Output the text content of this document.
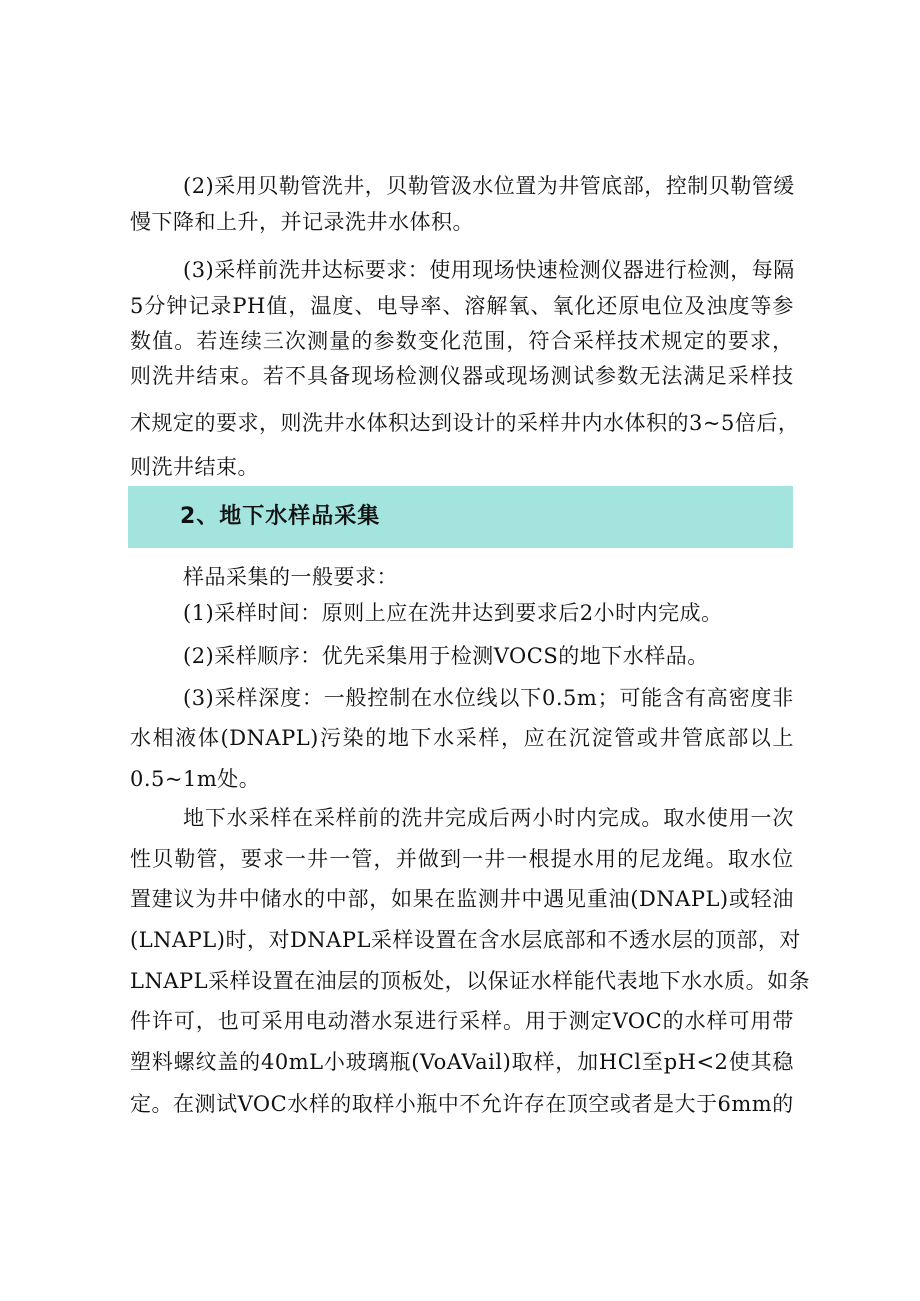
(2) 采 用 贝 勒 管 洗 井 ， 贝 勒 管 汲 水 位 置 为 井 管 底 部 ， 控 制 贝 勒 管 缓
慢下降和上升，并记录洗井水体积。
(3) 采 样 前 洗 井 达 标 要 求 ： 使 用 现 场 快 速 检 测 仪 器 进 行 检 测 ， 每 隔
5 分 钟 记 录 PH 值 ， 温 度 、 电 导 率 、 溶 解 氧 、 氧 化 还 原 电 位 及 浊 度 等 参
数 值 。 若 连 续 三 次 测 量 的 参 数 变 化 范 围 ， 符 合 采 样 技 术 规 定 的 要 求 ，
则 洗 井 结 束 。 若 不 具 备 现 场 检 测 仪 器 或 现 场 测 试 参 数 无 法 满 足 采 样 技
术 规 定 的 要 求 ， 则 洗 井 水 体 积 达 到 设 计 的 采 样 井 内 水 体 积 的 3~5 倍 后 ，
则洗井结束。
2、地下水样品采集
样品采集的一般要求：
(1)采样时间：原则上应在洗井达到要求后2小时内完成。
(2)采样顺序：优先采集用于检测VOCS的地下水样品。
(3) 采 样 深 度 ： 一 般 控 制 在 水 位 线 以 下 0.5m ； 可 能 含 有 高 密 度 非
水 相 液 体 (DNAPL) 污 染 的 地 下 水 采 样 ， 应 在 沉 淀 管 或 井 管 底 部 以 上
0.5~1m处。
地 下 水 采 样 在 采 样 前 的 洗 井 完 成 后 两 小 时 内 完 成 。 取 水 使 用 一 次
性 贝 勒 管 ， 要 求 一 井 一 管 ， 并 做 到 一 井 一 根 提 水 用 的 尼 龙 绳 。 取 水 位
置 建 议 为 井 中 储 水 的 中 部 ， 如 果 在 监 测 井 中 遇 见 重 油 (DNAPL) 或 轻 油
(LNAPL) 时 ， 对 DNAPL 采 样 设 置 在 含 水 层 底 部 和 不 透 水 层 的 顶 部 ， 对
LNAPL 采 样 设 置 在 油 层 的 顶 板 处 ， 以 保 证 水 样 能 代 表 地 下 水 水 质 。 如 条
件 许 可 ， 也 可 采 用 电 动 潜 水 泵 进 行 采 样 。 用 于 测 定 VOC 的 水 样 可 用 带
塑 料 螺 纹 盖 的 40mL 小 玻 璃 瓶 (VoAVail) 取 样 ， 加 HCl 至 pH<2 使 其 稳
定 。 在 测 试 VOC 水 样 的 取 样 小 瓶 中 不 允 许 存 在 顶 空 或 者 是 大 于 6mm 的
